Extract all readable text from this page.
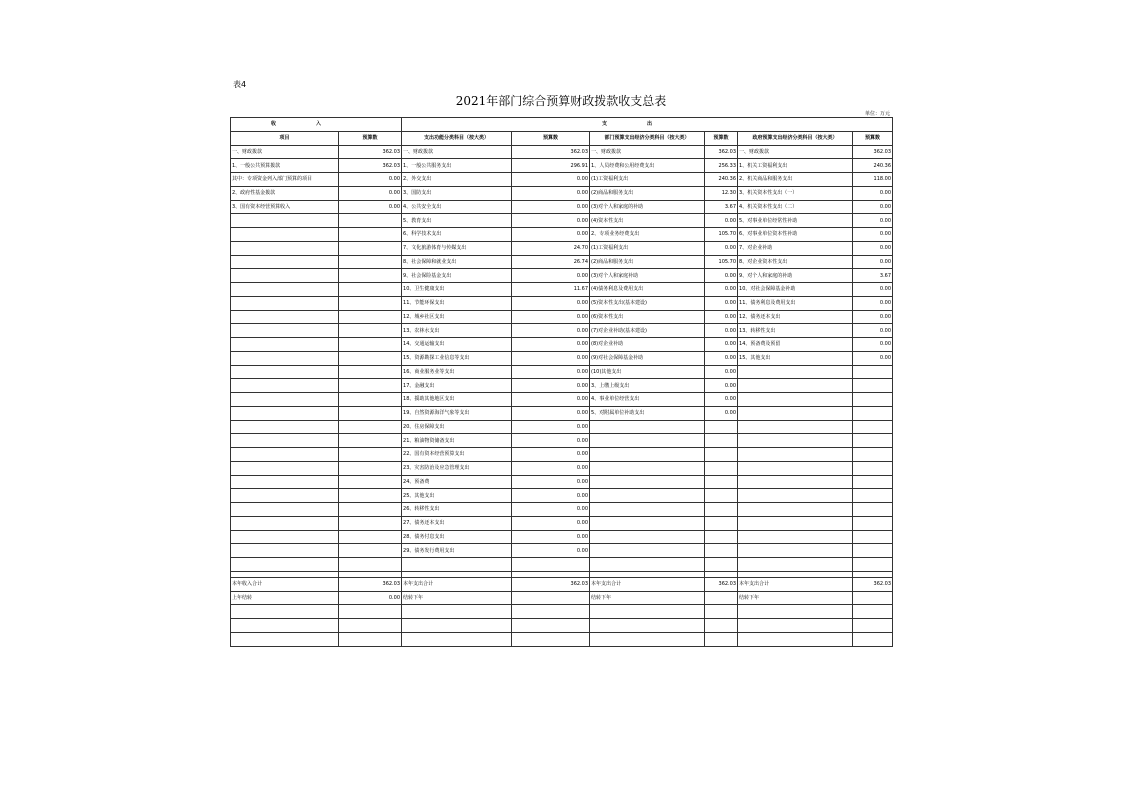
表4
2021年部门综合预算财政拨款收支总表
单位：万元
收入		支出					
项目	预算数	支出功能分类科目（按大类）	预算数	部门预算支出经济分类科目（按大类）	预算数	政府预算支出经济分类科目（按大类）	预算数
一、财政拨款	362.03	一、财政拨款	362.03	一、财政拨款	362.03	一、财政拨款	362.03
1、一般公共预算拨款	362.03	1、一般公共服务支出	296.91	1、人员经费和公用经费支出	256.33	1、机关工资福利支出	240.36
其中：专项资金列入部门预算的项目	0.00	2、外交支出	0.00	(1)工资福利支出	240.36	2、机关商品和服务支出	118.00
2、政府性基金拨款	0.00	3、国防支出	0.00	(2)商品和服务支出	12.30	3、机关资本性支出（一）	0.00
3、国有资本经营预算收入	0.00	4、公共安全支出	0.00	(3)对个人和家庭的补助	3.67	4、机关资本性支出（二）	0.00
		5、教育支出	0.00	(4)资本性支出	0.00	5、对事业单位经常性补助	0.00
		6、科学技术支出	0.00	2、专项业务经费支出	105.70	6、对事业单位资本性补助	0.00
		7、文化旅游体育与传媒支出	24.70	(1)工资福利支出	0.00	7、对企业补助	0.00
		8、社会保障和就业支出	26.74	(2)商品和服务支出	105.70	8、对企业资本性支出	0.00
		9、社会保险基金支出	0.00	(3)对个人和家庭补助	0.00	9、对个人和家庭的补助	3.67
		10、卫生健康支出	11.67	(4)债务利息及费用支出	0.00	10、对社会保障基金补助	0.00
		11、节能环保支出	0.00	(5)资本性支出(基本建设)	0.00	11、债务利息及费用支出	0.00
		12、城乡社区支出	0.00	(6)资本性支出	0.00	12、债务还本支出	0.00
		13、农林水支出	0.00	(7)对企业补助(基本建设)	0.00	13、转移性支出	0.00
		14、交通运输支出	0.00	(8)对企业补助	0.00	14、预备费及预留	0.00
		15、资源勘探工业信息等支出	0.00	(9)对社会保障基金补助	0.00	15、其他支出	0.00
		16、商业服务业等支出	0.00	(10)其他支出	0.00		
		17、金融支出	0.00	3、上缴上级支出	0.00		
		18、援助其他地区支出	0.00	4、事业单位经营支出	0.00		
		19、自然资源海洋气象等支出	0.00	5、对附属单位补助支出	0.00		
		20、住房保障支出	0.00				
		21、粮油物资储备支出	0.00				
		22、国有资本经营预算支出	0.00				
		23、灾害防治及应急管理支出	0.00				
		24、预备费	0.00				
		25、其他支出	0.00				
		26、转移性支出	0.00				
		27、债务还本支出	0.00				
		28、债务付息支出	0.00				
		29、债务发行费用支出	0.00				

本年收入合计	362.03	本年支出合计	362.03	本年支出合计	362.03	本年支出合计	362.03
上年结转	0.00	结转下年		结转下年		结转下年	
